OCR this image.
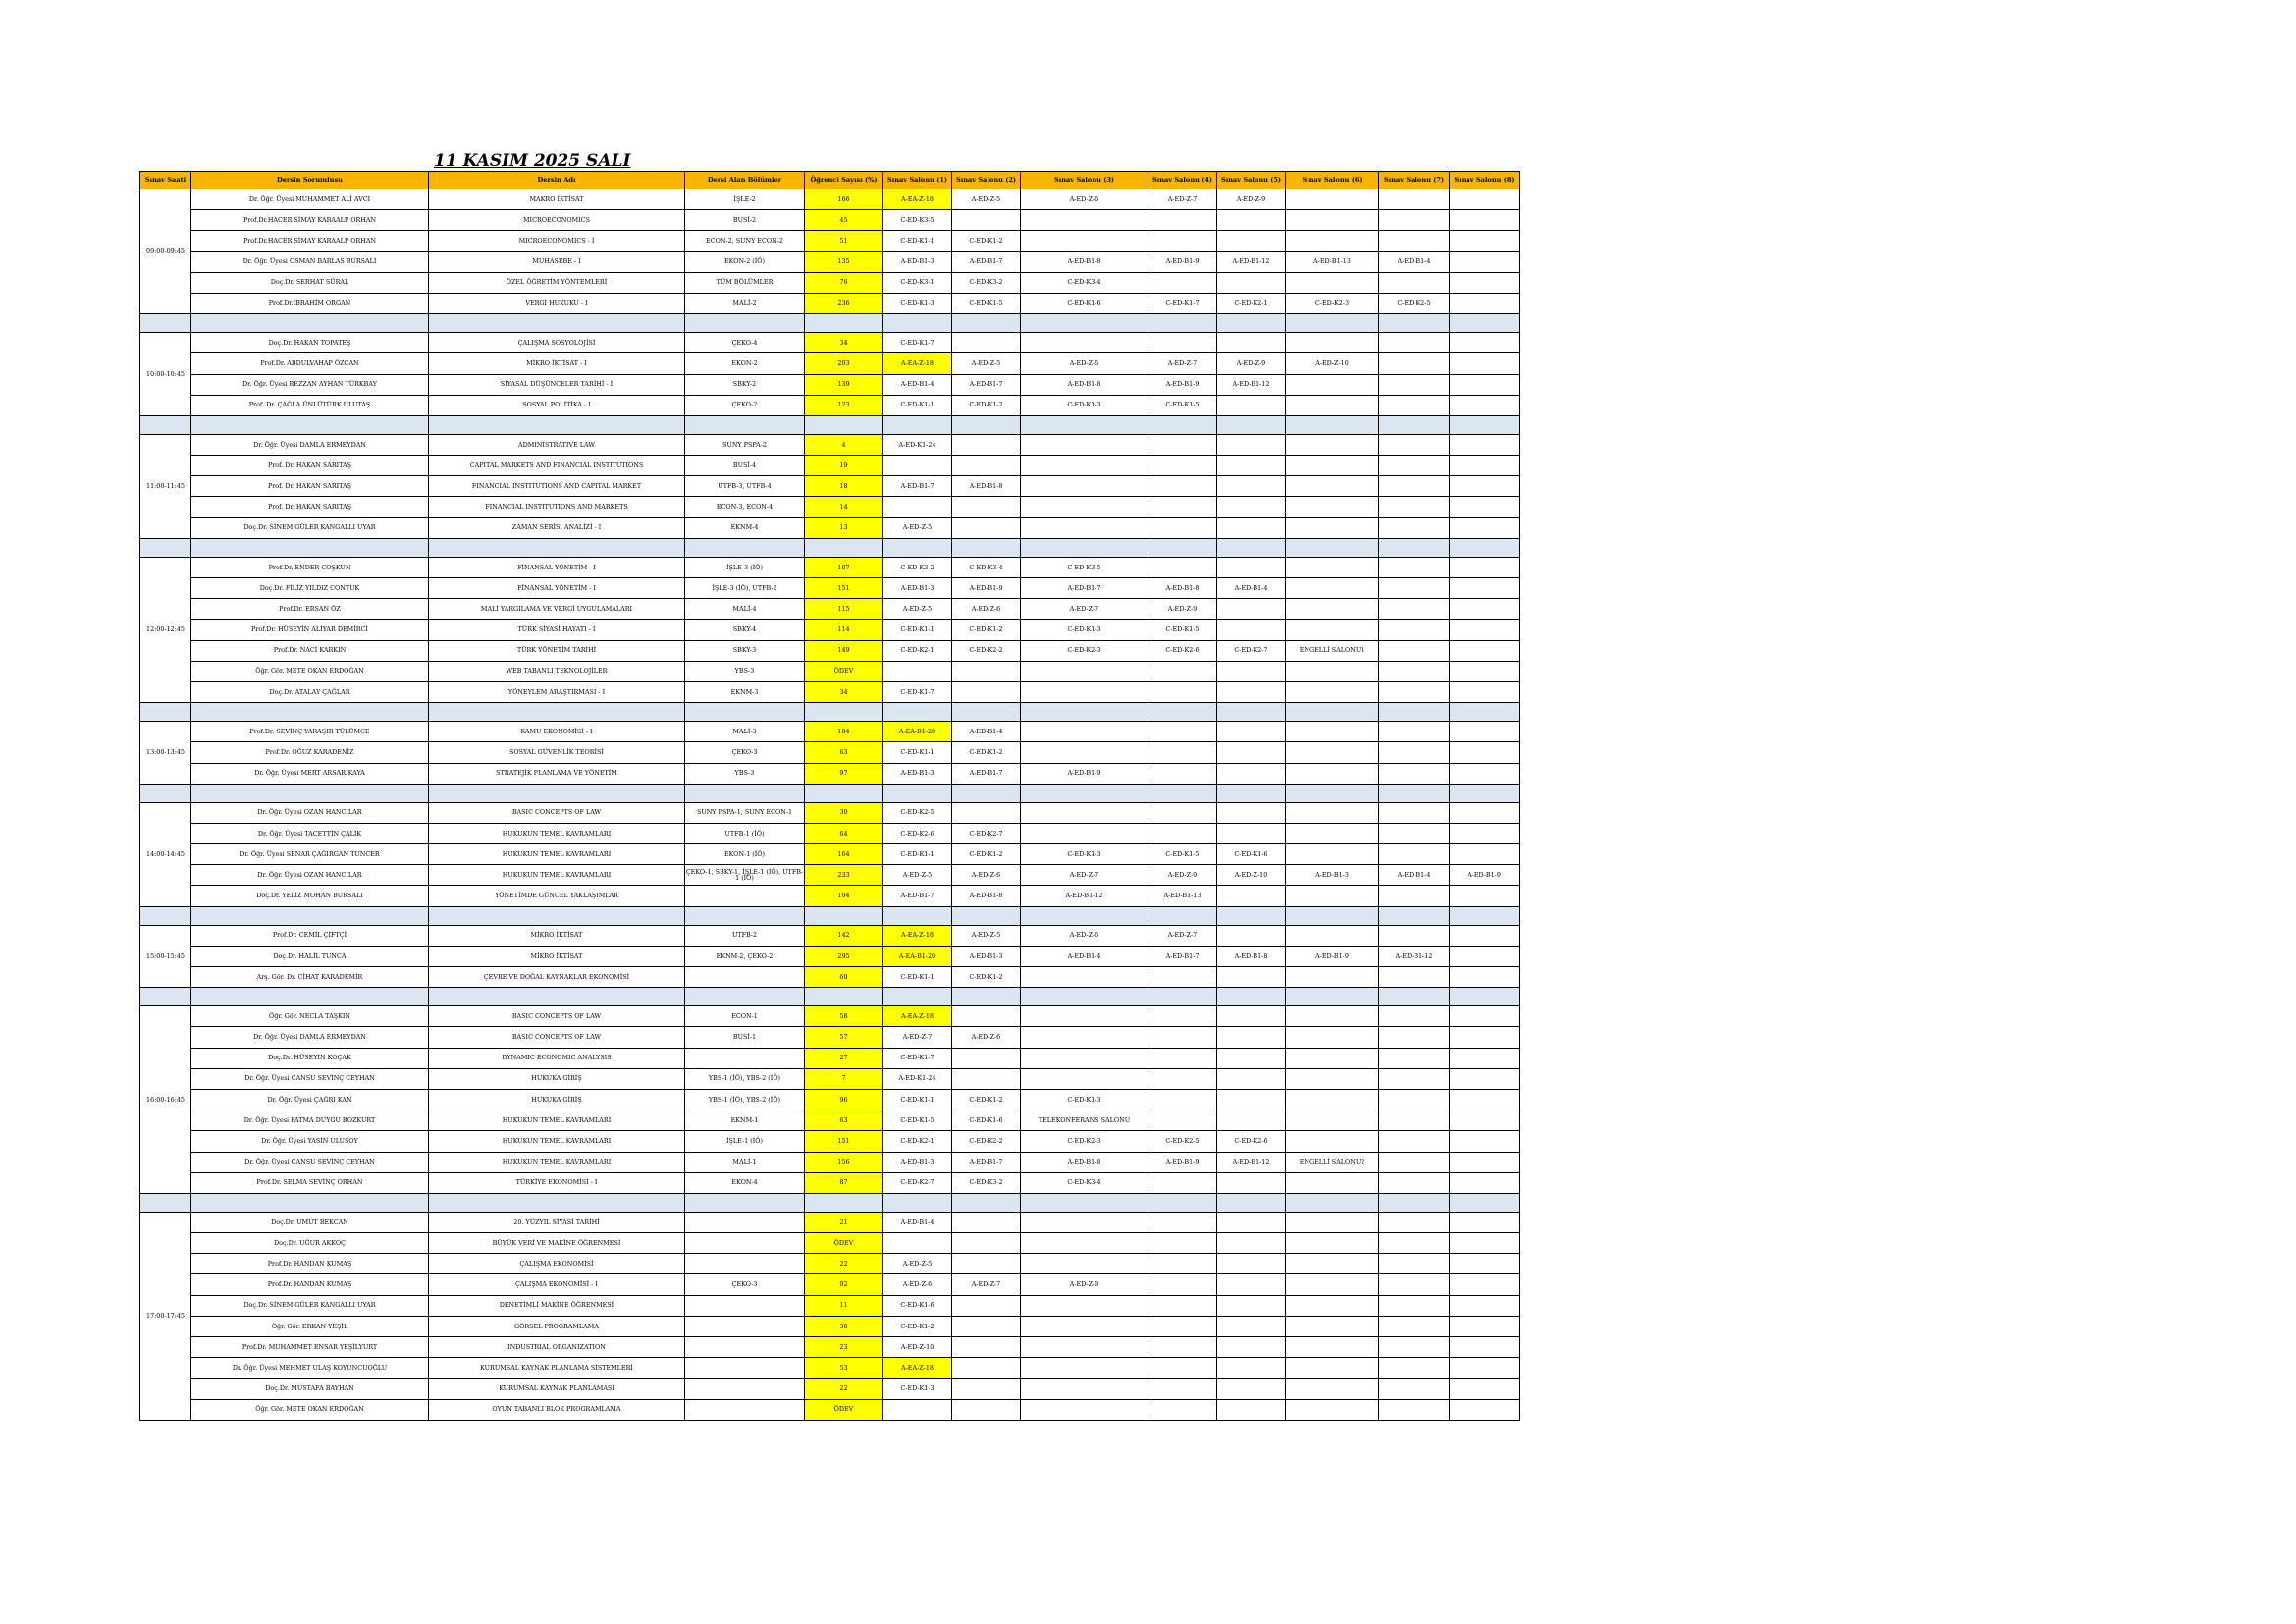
11 KASIM 2025 SALI
Sınav Saati	Dersin Sorumlusu	Dersin Adı	Dersi Alan Bölümler	Öğrenci Sayısı (%)	Sınav Salonu (1)	Sınav Salonu (2)	Sınav Salonu (3)	Sınav Salonu (4)	Sınav Salonu (5)	Sınav Salonu (6)	Sınav Salonu (7)	Sınav Salonu (8)
09:00-09:45	Dr. Öğr. Üyesi MUHAMMET ALİ AVCI	MAKRO İKTİSAT	İŞLE-2	166	A-EA-Z-18	A-ED-Z-5	A-ED-Z-6	A-ED-Z-7	A-ED-Z-9			
	Prof.Dr.HACER SİMAY KARAALP ORHAN	MICROECONOMICS	BUSİ-2	45	C-ED-K3-5							
	Prof.Dr.HACER SİMAY KARAALP ORHAN	MICROECONOMICS - I	ECON-2, SUNY ECON-2	51	C-ED-K1-1	C-ED-K1-2						
	Dr. Öğr. Üyesi OSMAN BARLAS BURSALI	MUHASEBE - I	EKON-2 (İÖ)	135	A-ED-B1-3	A-ED-B1-7	A-ED-B1-8	A-ED-B1-9	A-ED-B1-12	A-ED-B1-13	A-ED-B1-4	
	Doç.Dr. SERHAT SÜRAL	ÖZEL ÖĞRETİM YÖNTEMLERİ	TÜM BÖLÜMLER	76	C-ED-K3-1	C-ED-K3-2	C-ED-K3-4					
	Prof.Dr.İBRAHİM ORGAN	VERGİ HUKUKU - I	MALİ-2	236	C-ED-K1-3	C-ED-K1-5	C-ED-K1-6	C-ED-K1-7	C-ED-K2-1	C-ED-K2-3	C-ED-K2-5	

10:00-10:45	Doç.Dr. HAKAN TOPATEŞ	ÇALIŞMA SOSYOLOJİSİ	ÇEKO-4	34	C-ED-K1-7							
	Prof.Dr. ABDULVAHAP ÖZCAN	MİKRO İKTİSAT - I	EKON-2	203	A-EA-Z-18	A-ED-Z-5	A-ED-Z-6	A-ED-Z-7	A-ED-Z-9	A-ED-Z-10		
	Dr. Öğr. Üyesi REZZAN AYHAN TÜRKBAY	SİYASAL DÜŞÜNCELER TARİHİ - I	SBKY-2	139	A-ED-B1-4	A-ED-B1-7	A-ED-B1-8	A-ED-B1-9	A-ED-B1-12			
	Prof. Dr. ÇAĞLA ÜNLÜTÜRK ULUTAŞ	SOSYAL POLİTİKA - I	ÇEKO-2	123	C-ED-K1-1	C-ED-K1-2	C-ED-K1-3	C-ED-K1-5				

11:00-11:45	Dr. Öğr. Üyesi DAMLA ERMEYDAN	ADMINISTRATIVE LAW	SUNY PSPA-2	4	A-ED-K1-24							
	Prof. Dr. HAKAN SARITAŞ	CAPITAL MARKETS AND FINANCIAL INSTITUTIONS	BUSİ-4	19								
	Prof. Dr. HAKAN SARITAŞ	FINANCIAL INSTITUTIONS AND CAPITAL MARKET	UTFB-3, UTFB-4	18	A-ED-B1-7	A-ED-B1-8						
	Prof. Dr. HAKAN SARITAŞ	FINANCIAL INSTITUTIONS AND MARKETS	ECON-3, ECON-4	14								
	Doç.Dr. SİNEM GÜLER KANGALLI UYAR	ZAMAN SERİSİ ANALİZİ - I	EKNM-4	13	A-ED-Z-5							

12:00-12:45	Prof.Dr. ENDER COŞKUN	FİNANSAL YÖNETİM - I	İŞLE-3 (İÖ)	107	C-ED-K3-2	C-ED-K3-4	C-ED-K3-5					
	Doç.Dr. FİLİZ YILDIZ CONTUK	FİNANSAL YÖNETİM - I	İŞLE-3 (İÖ), UTFB-2	151	A-ED-B1-3	A-ED-B1-9	A-ED-B1-7	A-ED-B1-8	A-ED-B1-4			
	Prof.Dr. ERSAN ÖZ	MALİ YARGILAMA VE VERGİ UYGULAMALARI	MALİ-4	115	A-ED-Z-5	A-ED-Z-6	A-ED-Z-7	A-ED-Z-9				
	Prof.Dr. HÜSEYİN ALİYAR DEMİRCİ	TÜRK SİYASİ HAYATI - I	SBKY-4	114	C-ED-K1-1	C-ED-K1-2	C-ED-K1-3	C-ED-K1-5				
	Prof.Dr. NACİ KARKIN	TÜRK YÖNETİM TARİHİ	SBKY-3	149	C-ED-K2-1	C-ED-K2-2	C-ED-K2-3	C-ED-K2-6	C-ED-K2-7	ENGELLİ SALONU1		
	Öğr. Gör. METE OKAN ERDOĞAN	WEB TABANLI TEKNOLOJİLER	YBS-3	ÖDEV								
	Doç.Dr. ATALAY ÇAĞLAR	YÖNEYLEM ARAŞTIRMASI - I	EKNM-3	34	C-ED-K1-7							

13:00-13:45	Prof.Dr. SEVİNÇ YARAŞIR TÜLÜMCE	KAMU EKONOMİSİ - I	MALİ-3	184	A-EA-B1-20	A-ED-B1-4						
	Prof.Dr. OĞUZ KARADENİZ	SOSYAL GÜVENLİK TEORİSİ	ÇEKO-3	63	C-ED-K1-1	C-ED-K1-2						
	Dr. Öğr. Üyesi MERT ARSARIKAYA	STRATEJİK PLANLAMA VE YÖNETİM	YBS-3	97	A-ED-B1-3	A-ED-B1-7	A-ED-B1-9					

14:00-14:45	Dr. Öğr. Üyesi OZAN HANCILAR	BASIC CONCEPTS OF LAW	SUNY PSPA-1, SUNY ECON-1	30	C-ED-K2-5							
	Dr. Öğr. Üyesi TACETTİN ÇALIK	HUKUKUN TEMEL KAVRAMLARI	UTFB-1 (İÖ)	64	C-ED-K2-6	C-ED-K2-7						
	Dr. Öğr. Üyesi SENAR ÇAĞIRGAN TUNCER	HUKUKUN TEMEL KAVRAMLARI	EKON-1 (İÖ)	164	C-ED-K1-1	C-ED-K1-2	C-ED-K1-3	C-ED-K1-5	C-ED-K1-6			
	Dr. Öğr. Üyesi OZAN HANCILAR	HUKUKUN TEMEL KAVRAMLARI	ÇEKO-1, SBKY-1, İŞLE-1 (İÖ), UTFB-1 (İÖ)	233	A-ED-Z-5	A-ED-Z-6	A-ED-Z-7	A-ED-Z-9	A-ED-Z-10	A-ED-B1-3	A-ED-B1-4	A-ED-B1-9
	Doç.Dr. YELİZ MOHAN BURSALI	YÖNETİMDE GÜNCEL YAKLAŞIMLAR		104	A-ED-B1-7	A-ED-B1-8	A-ED-B1-12	A-ED-B1-13				

15:00-15:45	Prof.Dr. CEMİL ÇİFTÇİ	MİKRO İKTİSAT	UTFB-2	142	A-EA-Z-18	A-ED-Z-5	A-ED-Z-6	A-ED-Z-7				
	Doç.Dr. HALİL TUNCA	MİKRO İKTİSAT	EKNM-2, ÇEKO-2	295	A-EA-B1-20	A-ED-B1-3	A-ED-B1-4	A-ED-B1-7	A-ED-B1-8	A-ED-B1-9	A-ED-B1-12	
	Arş. Gör. Dr. CİHAT KARADEMİR	ÇEVRE VE DOĞAL KAYNAKLAR EKONOMİSİ		60	C-ED-K1-1	C-ED-K1-2						

16:00-16:45	Öğr. Gör. NECLA TAŞKIN	BASIC CONCEPTS OF LAW	ECON-1	58	A-EA-Z-18							
	Dr. Öğr. Üyesi DAMLA ERMEYDAN	BASIC CONCEPTS OF LAW	BUSİ-1	57	A-ED-Z-7	A-ED-Z-6						
	Doç.Dr. HÜSEYİN KOÇAK	DYNAMIC ECONOMIC ANALYSIS		27	C-ED-K1-7							
	Dr. Öğr. Üyesi CANSU SEVİNÇ CEYHAN	HUKUKA GİRİŞ	YBS-1 (İÖ), YBS-2 (İÖ)	7	A-ED-K1-24							
	Dr. Öğr. Üyesi ÇAĞRI KAN	HUKUKA GİRİŞ	YBS-1 (İÖ), YBS-2 (İÖ)	96	C-ED-K1-1	C-ED-K1-2	C-ED-K1-3					
	Dr. Öğr. Üyesi FATMA DUYGU BOZKURT	HUKUKUN TEMEL KAVRAMLARI	EKNM-1	63	C-ED-K1-5	C-ED-K1-6	TELEKONFERANS SALONU					
	Dr. Öğr. Üyesi YASİN ULUSOY	HUKUKUN TEMEL KAVRAMLARI	İŞLE-1 (İÖ)	151	C-ED-K2-1	C-ED-K2-2	C-ED-K2-3	C-ED-K2-5	C-ED-K2-6			
	Dr. Öğr. Üyesi CANSU SEVİNÇ CEYHAN	HUKUKUN TEMEL KAVRAMLARI	MALİ-1	156	A-ED-B1-3	A-ED-B1-7	A-ED-B1-8	A-ED-B1-9	A-ED-B1-12	ENGELLİ SALONU2		
	Prof.Dr. SELMA SEVİNÇ ORHAN	TÜRKİYE EKONOMİSİ - I	EKON-4	87	C-ED-K2-7	C-ED-K3-2	C-ED-K3-4					

17:00-17:45	Doç.Dr. UMUT BEKCAN	20. YÜZYIL SİYASİ TARİHİ		21	A-ED-B1-4							
	Doç.Dr. UĞUR AKKOÇ	BÜYÜK VERİ VE MAKİNE ÖĞRENMESİ		ÖDEV								
	Prof.Dr. HANDAN KUMAŞ	ÇALIŞMA EKONOMİSİ		22	A-ED-Z-5							
	Prof.Dr. HANDAN KUMAŞ	ÇALIŞMA EKONOMİSİ - I	ÇEKO-3	92	A-ED-Z-6	A-ED-Z-7	A-ED-Z-9					
	Doç.Dr. SİNEM GÜLER KANGALLI UYAR	DENETİMLİ MAKİNE ÖĞRENMESİ		11	C-ED-K1-6							
	Öğr. Gör. ERKAN YEŞİL	GÖRSEL PROGRAMLAMA		36	C-ED-K1-2							
	Prof.Dr. MUHAMMET ENSAR YEŞİLYURT	INDUSTRIAL ORGANIZATION		23	A-ED-Z-10							
	Dr. Öğr. Üyesi MEHMET ULAŞ KOYUNCUOĞLU	KURUMSAL KAYNAK PLANLAMA SİSTEMLERİ		53	A-EA-Z-18							
	Doç.Dr. MUSTAFA BAYHAN	KURUMSAL KAYNAK PLANLAMASI		22	C-ED-K1-3							
	Öğr. Gör. METE OKAN ERDOĞAN	OYUN TABANLI BLOK PROGRAMLAMA		ÖDEV								
